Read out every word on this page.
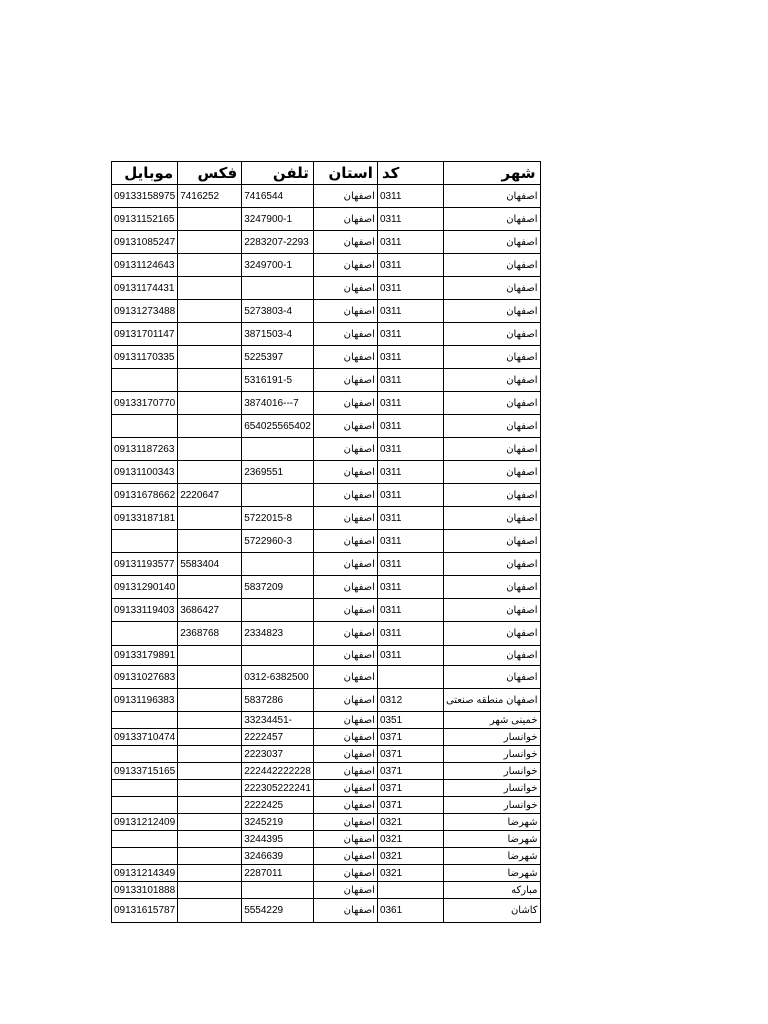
موبایل	فکس	تلفن	استان	کد	شهر
09133158975	7416252	7416544	اصفهان	0311	اصفهان
09131152165		3247900-1	اصفهان	0311	اصفهان
09131085247		2283207-2293	اصفهان	0311	اصفهان
09131124643		3249700-1	اصفهان	0311	اصفهان
09131174431			اصفهان	0311	اصفهان
09131273488		5273803-4	اصفهان	0311	اصفهان
09131701147		3871503-4	اصفهان	0311	اصفهان
09131170335		5225397	اصفهان	0311	اصفهان
		5316191-5	اصفهان	0311	اصفهان
09133170770		3874016---7	اصفهان	0311	اصفهان
		654025565402	اصفهان	0311	اصفهان
09131187263			اصفهان	0311	اصفهان
09131100343		2369551	اصفهان	0311	اصفهان
09131678662	2220647		اصفهان	0311	اصفهان
09133187181		5722015-8	اصفهان	0311	اصفهان
		5722960-3	اصفهان	0311	اصفهان
09131193577	5583404		اصفهان	0311	اصفهان
09131290140		5837209	اصفهان	0311	اصفهان
09133119403	3686427		اصفهان	0311	اصفهان
	2368768	2334823	اصفهان	0311	اصفهان
09133179891			اصفهان	0311	اصفهان
09131027683		0312-6382500	اصفهان		اصفهان
09131196383		5837286	اصفهان	0312	اصفهان منطقه صنعتی
		33234451-	اصفهان	0351	خمینی شهر
09133710474		2222457	اصفهان	0371	خوانسار
		2223037	اصفهان	0371	خوانسار
09133715165		222442222228	اصفهان	0371	خوانسار
		222305222241	اصفهان	0371	خوانسار
		2222425	اصفهان	0371	خوانسار
09131212409		3245219	اصفهان	0321	شهرضا
		3244395	اصفهان	0321	شهرضا
		3246639	اصفهان	0321	شهرضا
09131214349		2287011	اصفهان	0321	شهرضا
09133101888			اصفهان		مبارکه
09131615787		5554229	اصفهان	0361	کاشان
